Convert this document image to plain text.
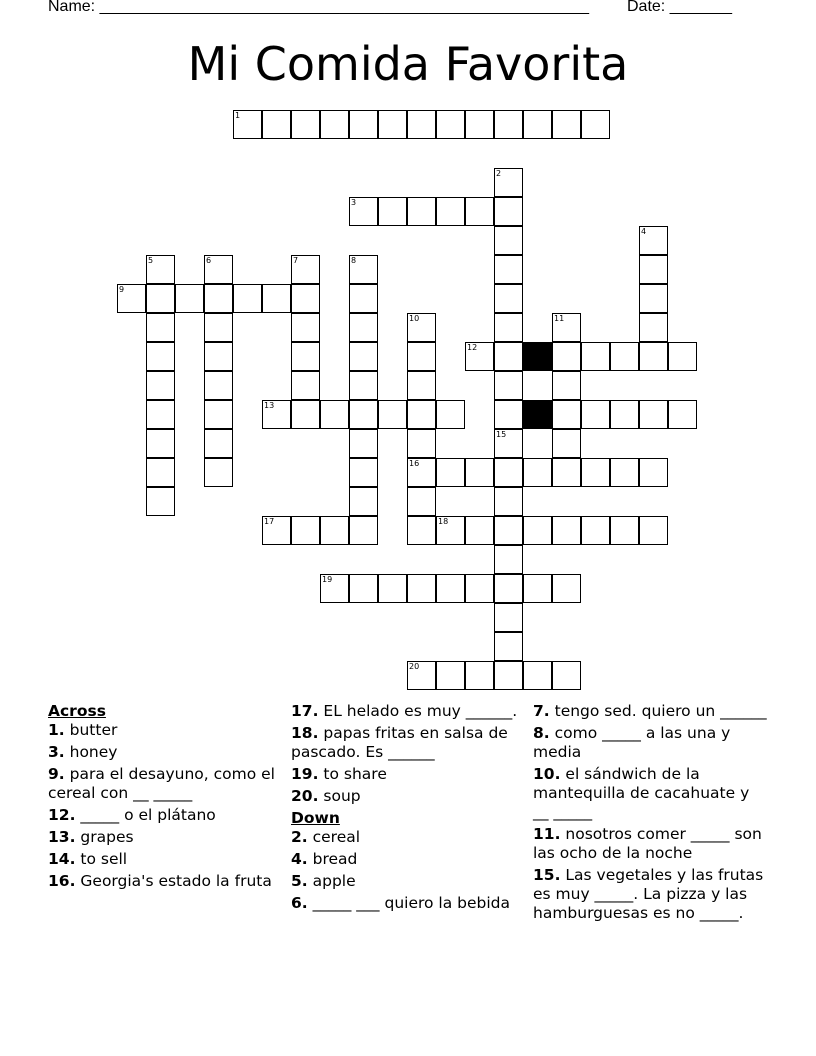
Name: _______________________________________________________ Date: _______
Mi Comida Favorita
1
2
15
3
4
5	6	7	8
9
10
16
11
12
13	14
17	18
19
20
Across
1. butter
3. honey
9. para el desayuno, como el cereal con __ _____
12. _____ o el plátano
13. grapes
14. to sell
16. Georgia's estado la fruta
17. EL helado es muy ______.
18. papas fritas en salsa de pascado. Es ______
19. to share
20. soup
Down
2. cereal
4. bread
5. apple
6. _____ ___ quiero la bebida
7. tengo sed. quiero un ______
8. como _____ a las una y media
10. el sándwich de la mantequilla de cacahuate y __ _____
11. nosotros comer _____ son las ocho de la noche
15. Las vegetales y las frutas es muy _____. La pizza y las hamburguesas es no _____.
